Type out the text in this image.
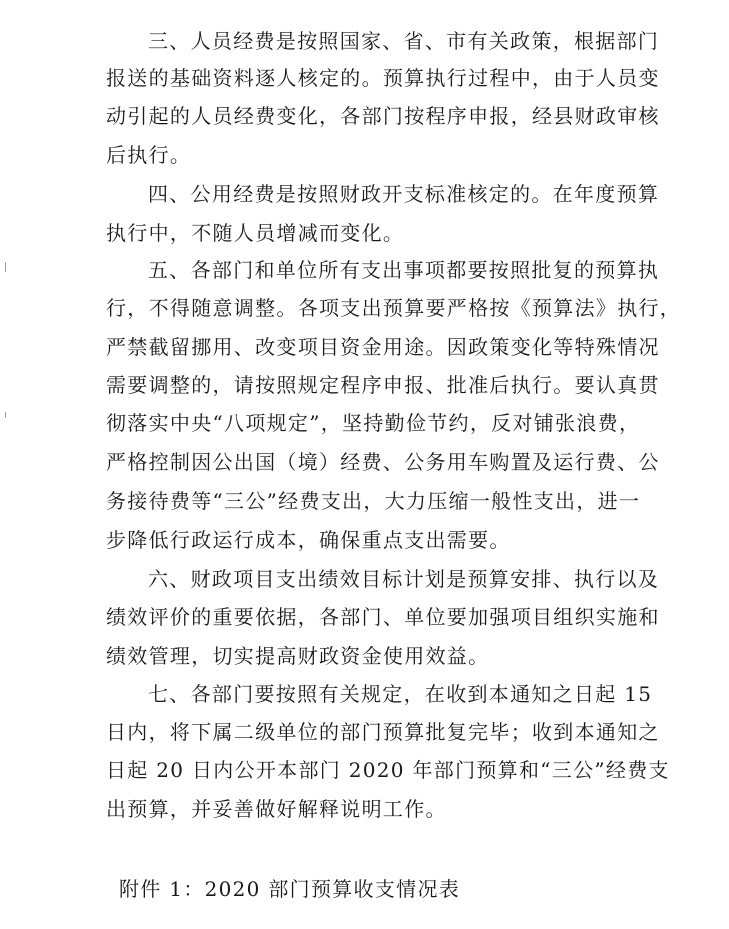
三、人员经费是按照国家、省、市有关政策，根据部门
报送的基础资料逐人核定的。预算执行过程中，由于人员变
动引起的人员经费变化，各部门按程序申报，经县财政审核
后执行。
四、公用经费是按照财政开支标准核定的。在年度预算
执行中，不随人员增减而变化。
五、各部门和单位所有支出事项都要按照批复的预算执
行，不得随意调整。各项支出预算要严格按《预算法》执行，
严禁截留挪用、改变项目资金用途。因政策变化等特殊情况
需要调整的，请按照规定程序申报、批准后执行。要认真贯
彻落实中央“八项规定”，坚持勤俭节约，反对铺张浪费，
严格控制因公出国（境）经费、公务用车购置及运行费、公
务接待费等“三公”经费支出，大力压缩一般性支出，进一
步降低行政运行成本，确保重点支出需要。
六、财政项目支出绩效目标计划是预算安排、执行以及
绩效评价的重要依据，各部门、单位要加强项目组织实施和
绩效管理，切实提高财政资金使用效益。
七、各部门要按照有关规定，在收到本通知之日起 15
日内，将下属二级单位的部门预算批复完毕；收到本通知之
日起 20 日内公开本部门 2020 年部门预算和“三公”经费支
出预算，并妥善做好解释说明工作。
附件 1：2020 部门预算收支情况表
